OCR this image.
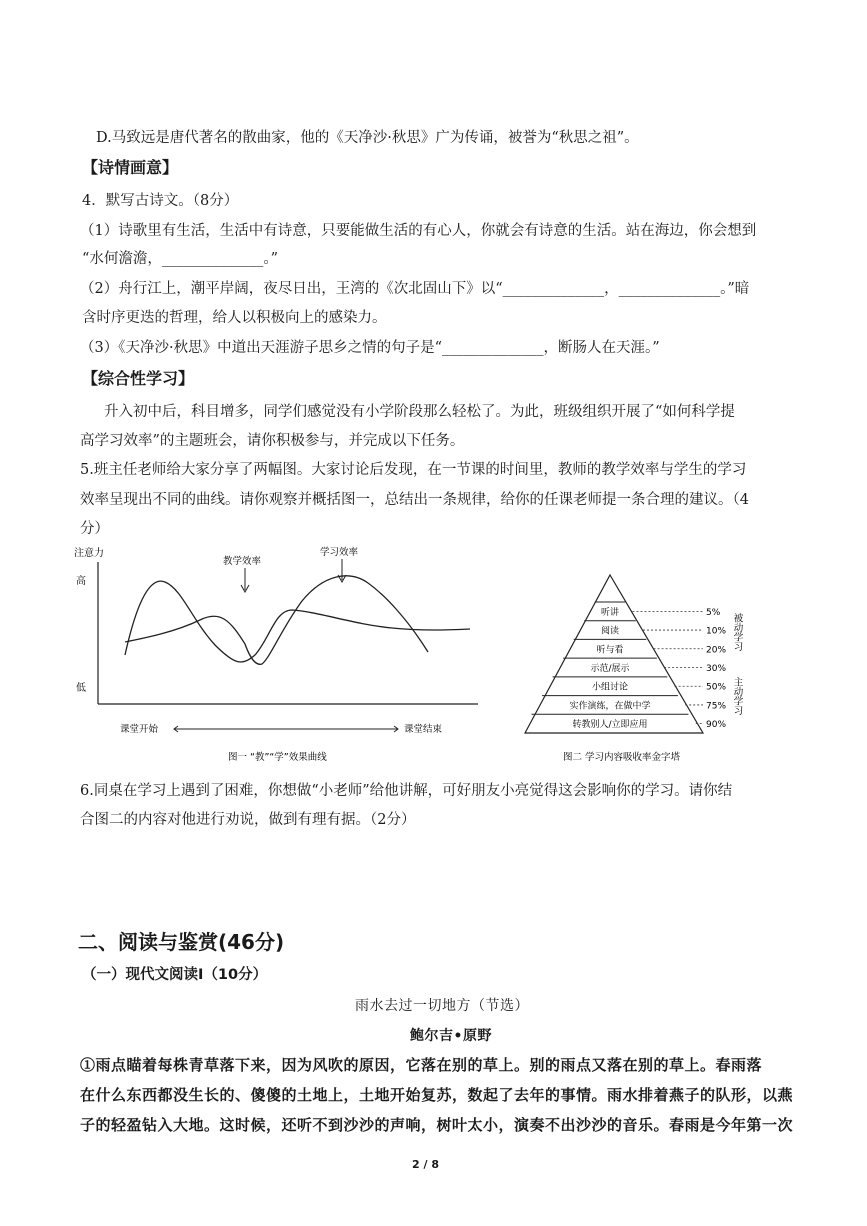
D.马致远是唐代著名的散曲家，他的《天净沙·秋思》广为传诵，被誉为“秋思之祖”。
【诗情画意】
4．默写古诗文。（8分）
（1）诗歌里有生活，生活中有诗意，只要能做生活的有心人，你就会有诗意的生活。站在海边，你会想到
“水何澹澹，______________。”
（2）舟行江上，潮平岸阔，夜尽日出，王湾的《次北固山下》以“______________，______________。”暗
含时序更迭的哲理，给人以积极向上的感染力。
（3）《天净沙·秋思》中道出天涯游子思乡之情的句子是“______________，断肠人在天涯。”
【综合性学习】
升入初中后，科目增多，同学们感觉没有小学阶段那么轻松了。为此，班级组织开展了“如何科学提
高学习效率”的主题班会，请你积极参与，并完成以下任务。
5.班主任老师给大家分享了两幅图。大家讨论后发现，在一节课的时间里，教师的教学效率与学生的学习
效率呈现出不同的曲线。请你观察并概括图一，总结出一条规律，给你的任课老师提一条合理的建议。（4
分）
注意力
高
低
教学效率
学习效率
课堂开始	课堂结束
图一 “教”“学”效果曲线
听讲	5%
阅读	10%
听与看	20%
示范/展示	30%
小组讨论	50%
实作演练，在做中学	75%
转教别人/立即应用	90%
被动学习
主动学习
图二 学习内容吸收率金字塔
6.同桌在学习上遇到了困难，你想做“小老师”给他讲解，可好朋友小亮觉得这会影响你的学习。请你结
合图二的内容对他进行劝说，做到有理有据。（2分）
二、阅读与鉴赏(46分)
（一）现代文阅读Ⅰ（10分）
雨水去过一切地方（节选）
鲍尔吉•原野
①雨点瞄着每株青草落下来，因为风吹的原因，它落在别的草上。别的雨点又落在别的草上。春雨落
在什么东西都没生长的、傻傻的土地上，土地开始复苏，数起了去年的事情。雨水排着燕子的队形，以燕
子的轻盈钻入大地。这时候，还听不到沙沙的声响，树叶太小，演奏不出沙沙的音乐。春雨是今年第一次
2 / 8
